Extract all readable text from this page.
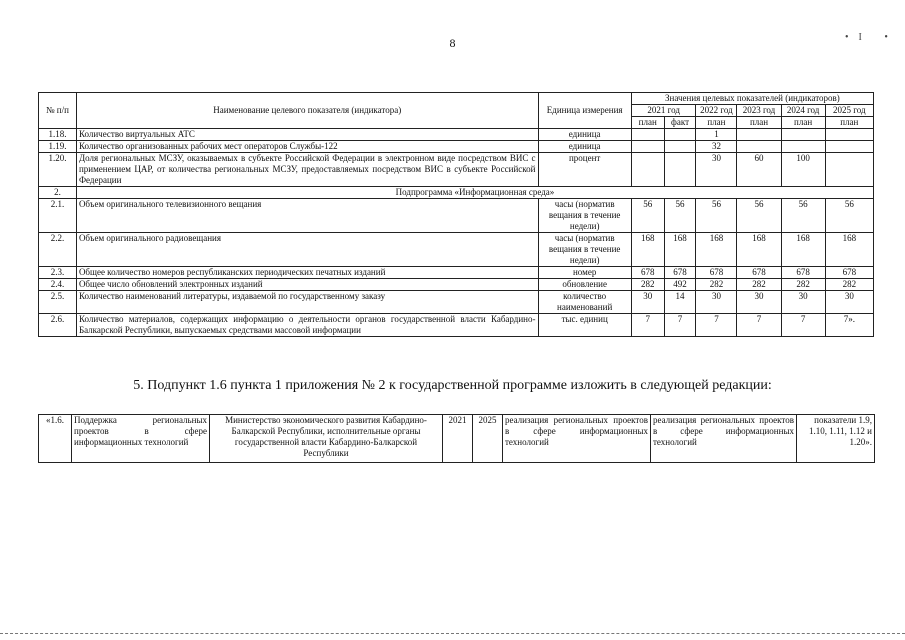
8	•I •
№ п/п	Наименование целевого показателя (индикатора)	Единица измерения	Значения целевых показателей (индикаторов)					
			2021 год		2022 год	2023 год	2024 год	2025 год
			план	факт	план	план	план	план
1.18.	Количество виртуальных АТС	единица			1			
1.19.	Количество организованных рабочих мест операторов Службы-122	единица			32			
1.20.	Доля региональных МСЗУ, оказываемых в субъекте Российской Федерации в электронном виде посредством ВИС с применением ЦАР, от количества региональных МСЗУ, предоставляемых посредством ВИС в субъекте Российской Федерации	процент			30	60	100	
2.	Подпрограмма «Информационная среда»							
2.1.	Объем оригинального телевизионного вещания	часы (норматив вещания в течение недели)	56	56	56	56	56	56
2.2.	Объем оригинального радиовещания	часы (норматив вещания в течение недели)	168	168	168	168	168	168
2.3.	Общее количество номеров республиканских периодических печатных изданий	номер	678	678	678	678	678	678
2.4.	Общее число обновлений электронных изданий	обновление	282	492	282	282	282	282
2.5.	Количество наименований литературы, издаваемой по государственному заказу	количество наименований	30	14	30	30	30	30
2.6.	Количество материалов, содержащих информацию о деятельности органов государственной власти Кабардино-Балкарской Республики, выпускаемых средствами массовой информации	тыс. единиц	7	7	7	7	7	7».
5. Подпункт 1.6 пункта 1 приложения № 2 к государственной программе изложить в следующей редакции:
«1.6.	Поддержка региональных проектов в сфере информационных технологий	Министерство экономического развития Кабардино-Балкарской Республики, исполнительные органы государственной власти Кабардино-Балкарской Республики	2021	2025	реализация региональных проектов в сфере информационных технологий	реализация региональных проектов в сфере информационных технологий	показатели 1.9, 1.10, 1.11, 1.12 и 1.20».
